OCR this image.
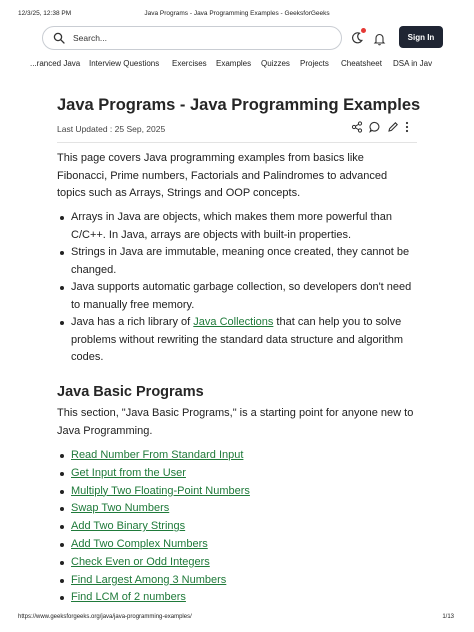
12/3/25, 12:38 PM	Java Programs - Java Programming Examples - GeeksforGeeks
Search...	Sign In
...ranced Java Interview Questions Exercises Examples Quizzes Projects Cheatsheet DSA in Jav
Java Programs - Java Programming Examples
Last Updated : 25 Sep, 2025

This page covers Java programming examples from basics like Fibonacci, Prime numbers, Factorials and Palindromes to advanced topics such as Arrays, Strings and OOP concepts.

Arrays in Java are objects, which makes them more powerful than C/C++. In Java, arrays are objects with built-in properties.
Strings in Java are immutable, meaning once created, they cannot be changed.
Java supports automatic garbage collection, so developers don't need to manually free memory.
Java has a rich library of Java Collections that can help you to solve problems without rewriting the standard data structure and algorithm codes.
Java Basic Programs

This section, "Java Basic Programs," is a starting point for anyone new to Java Programming.

Read Number From Standard Input
Get Input from the User
Multiply Two Floating-Point Numbers
Swap Two Numbers
Add Two Binary Strings
Add Two Complex Numbers
Check Even or Odd Integers
Find Largest Among 3 Numbers
Find LCM of 2 numbers
https://www.geeksforgeeks.org/java/java-programming-examples/	1/13
